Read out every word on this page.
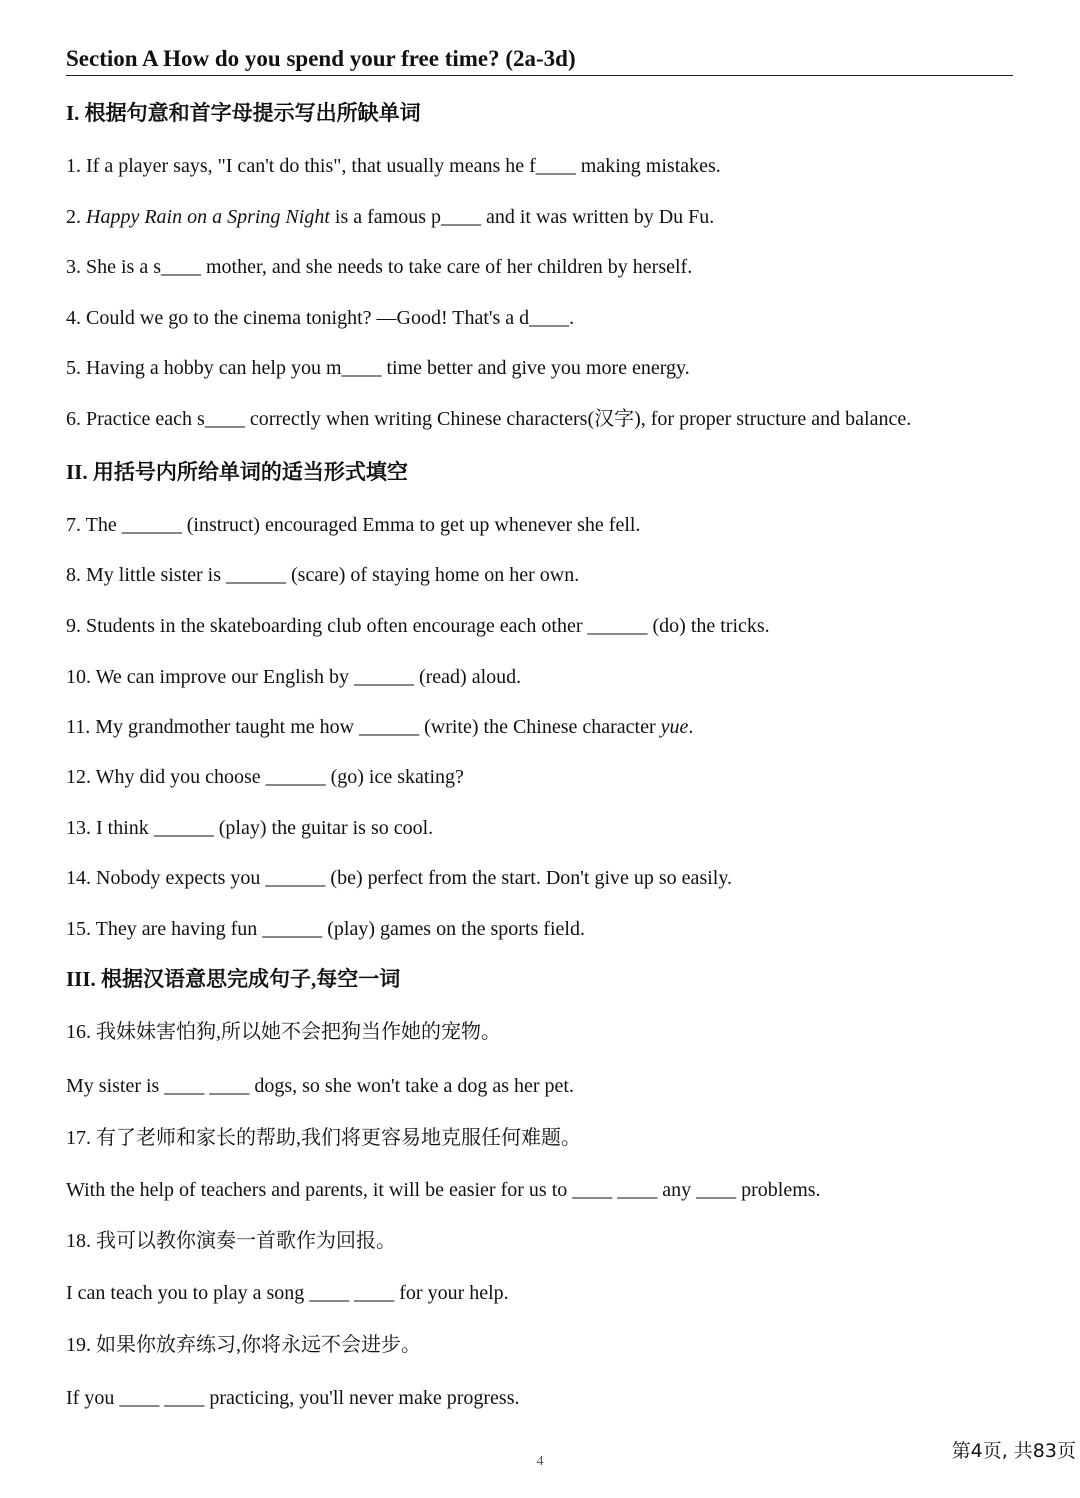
Section A How do you spend your free time? (2a-3d)
I. 根据句意和首字母提示写出所缺单词
1. If a player says, "I can't do this", that usually means he f____ making mistakes.
2. Happy Rain on a Spring Night is a famous p____ and it was written by Du Fu.
3. She is a s____ mother, and she needs to take care of her children by herself.
4. Could we go to the cinema tonight? —Good! That's a d____.
5. Having a hobby can help you m____ time better and give you more energy.
6. Practice each s____ correctly when writing Chinese characters(汉字), for proper structure and balance.
II. 用括号内所给单词的适当形式填空
7. The ______ (instruct) encouraged Emma to get up whenever she fell.
8. My little sister is ______ (scare) of staying home on her own.
9. Students in the skateboarding club often encourage each other ______ (do) the tricks.
10. We can improve our English by ______ (read) aloud.
11. My grandmother taught me how ______ (write) the Chinese character yue.
12. Why did you choose ______ (go) ice skating?
13. I think ______ (play) the guitar is so cool.
14. Nobody expects you ______ (be) perfect from the start. Don't give up so easily.
15. They are having fun ______ (play) games on the sports field.
III. 根据汉语意思完成句子,每空一词
16. 我妹妹害怕狗,所以她不会把狗当作她的宠物。
My sister is ____ ____ dogs, so she won't take a dog as her pet.
17. 有了老师和家长的帮助,我们将更容易地克服任何难题。
With the help of teachers and parents, it will be easier for us to ____ ____ any ____ problems.
18. 我可以教你演奏一首歌作为回报。
I can teach you to play a song ____ ____ for your help.
19. 如果你放弃练习,你将永远不会进步。
If you ____ ____ practicing, you'll never make progress.
4	第4页, 共83页
